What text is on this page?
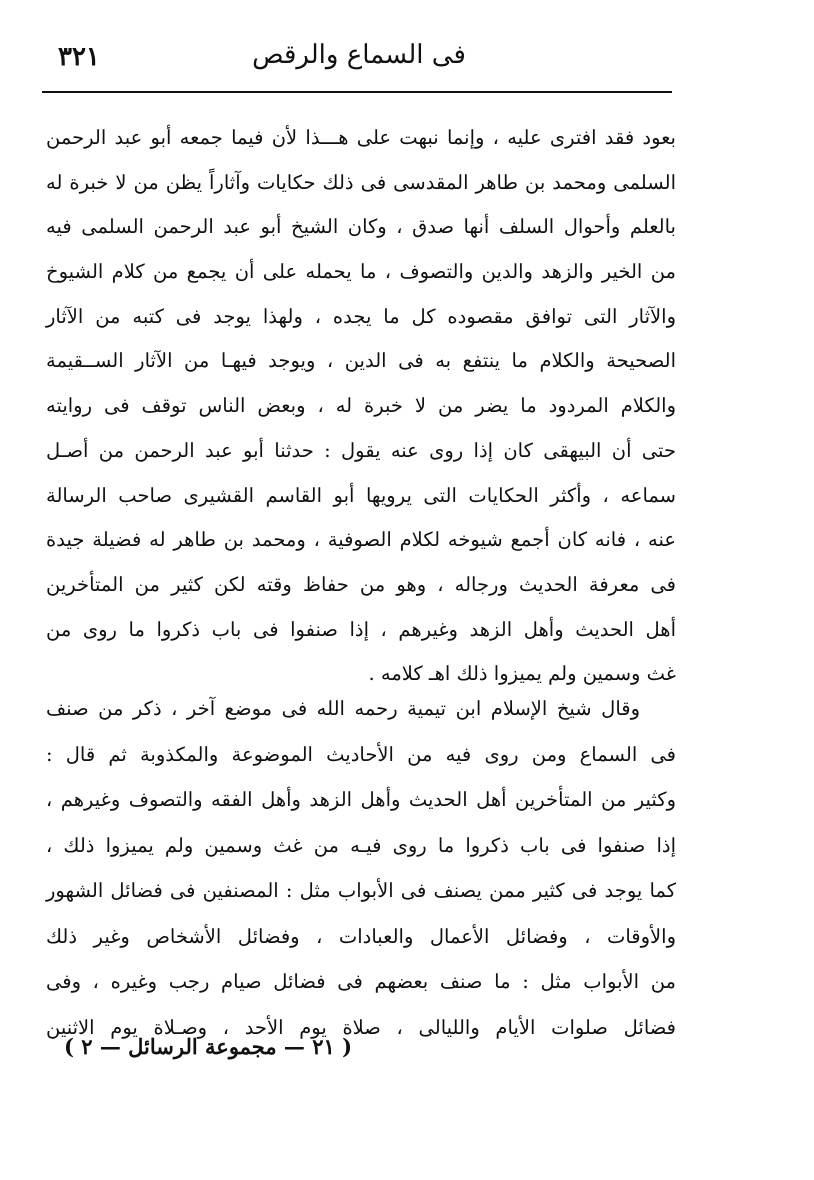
٣٢١	فى السماع والرقص
بعود فقد افترى عليه ، وإنما نبهت على هـــذا لأن فيما جمعه أبو عبد الرحمن
السلمى ومحمد بن طاهر المقدسى فى ذلك حكايات وآثاراً يظن من لا خبرة له
بالعلم وأحوال السلف أنها صدق ، وكان الشيخ أبو عبد الرحمن السلمى فيه
من الخير والزهد والدين والتصوف ، ما يحمله على أن يجمع من كلام الشيوخ
والآثار التى توافق مقصوده كل ما يجده ، ولهذا يوجد فى كتبه من الآثار
الصحيحة والكلام ما ينتفع به فى الدين ، ويوجد فيهـا من الآثار الســقيمة
والكلام المردود ما يضر من لا خبرة له ، وبعض الناس توقف فى روايته
حتى أن البيهقى كان إذا روى عنه يقول : حدثنا أبو عبد الرحمن من أصـل
سماعه ، وأكثر الحكايات التى يرويها أبو القاسم القشيرى صاحب الرسالة
عنه ، فانه كان أجمع شيوخه لكلام الصوفية ، ومحمد بن طاهر له فضيلة جيدة
فى معرفة الحديث ورجاله ، وهو من حفاظ وقته لكن كثير من المتأخرين
أهل الحديث وأهل الزهد وغيرهم ، إذا صنفوا فى باب ذكروا ما روى من
غث وسمين ولم يميزوا ذلك اهـ كلامه .
وقال شيخ الإسلام ابن تيمية رحمه الله فى موضع آخر ، ذكر من صنف
فى السماع ومن روى فيه من الأحاديث الموضوعة والمكذوبة ثم قال :
وكثير من المتأخرين أهل الحديث وأهل الزهد وأهل الفقه والتصوف وغيرهم ،
إذا صنفوا فى باب ذكروا ما روى فيـه من غث وسمين ولم يميزوا ذلك ،
كما يوجد فى كثير ممن يصنف فى الأبواب مثل : المصنفين فى فضائل الشهور
والأوقات ، وفضائل الأعمال والعبادات ، وفضائل الأشخاص وغير ذلك
من الأبواب مثل : ما صنف بعضهم فى فضائل صيام رجب وغيره ، وفى
فضائل صلوات الأيام والليالى ، صلاة يوم الأحد ، وصـلاة يوم الاثنين
( ٢١ — مجموعة الرسائل — ٢ )
